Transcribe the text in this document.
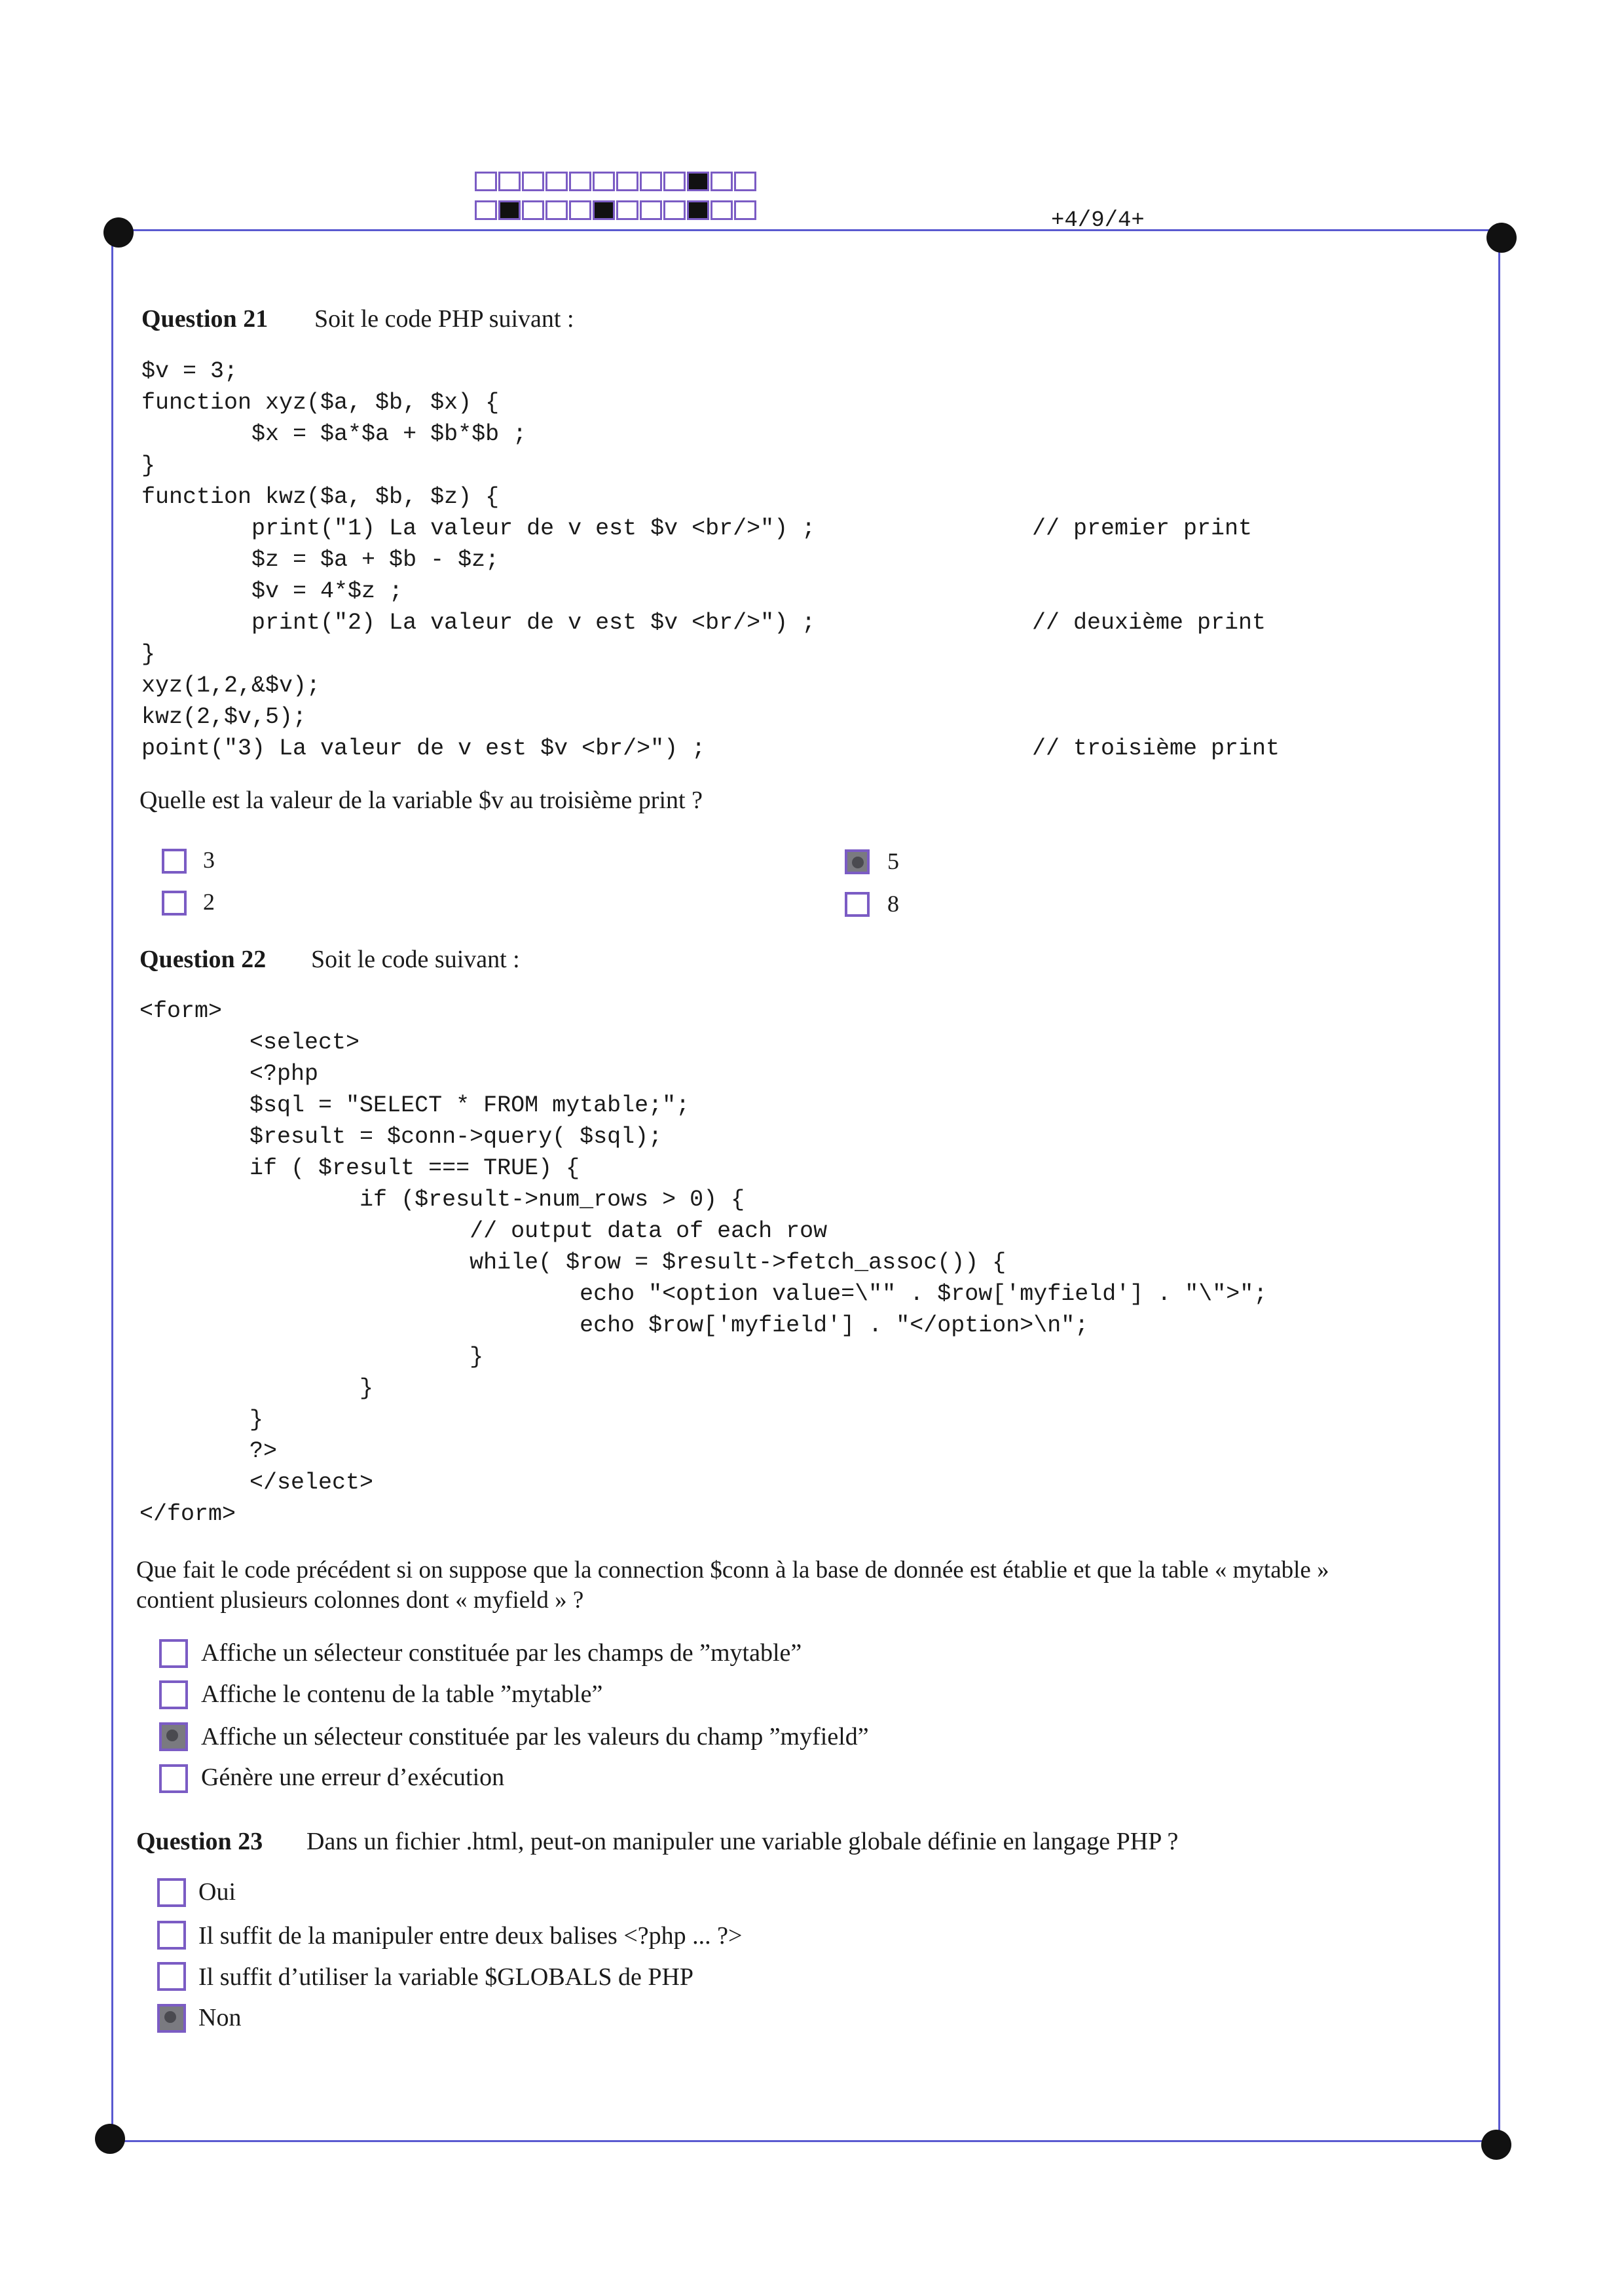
+4/9/4+
Question 21 Soit le code PHP suivant :
$v = 3;
function xyz($a, $b, $x) {
$x = $a*$a + $b*$b ;
}
function kwz($a, $b, $z) {
print("1) La valeur de v est $v <br/>") ;	// premier print
$z = $a + $b - $z;
$v = 4*$z ;
print("2) La valeur de v est $v <br/>") ;	// deuxième print
}
xyz(1,2,&$v);
kwz(2,$v,5);
point("3) La valeur de v est $v <br/>") ;	// troisième print
Quelle est la valeur de la variable $v au troisième print ?
3
2
5
8
Question 22 Soit le code suivant :
<form>
<select>
<?php
$sql = "SELECT * FROM mytable;";
$result = $conn->query( $sql);
if ( $result === TRUE) {
if ($result->num_rows > 0) {
// output data of each row
while( $row = $result->fetch_assoc()) {
echo "<option value=\"" . $row['myfield'] . "\">";
echo $row['myfield'] . "</option>\n";
}
}
}
?>
</select>
</form>
Que fait le code précédent si on suppose que la connection $conn à la base de donnée est établie et que la table « mytable »
contient plusieurs colonnes dont « myfield » ?
Affiche un sélecteur constituée par les champs de ”mytable”
Affiche le contenu de la table ”mytable”
Affiche un sélecteur constituée par les valeurs du champ ”myfield”
Génère une erreur d’exécution
Question 23 Dans un fichier .html, peut-on manipuler une variable globale définie en langage PHP ?
Oui
Il suffit de la manipuler entre deux balises <?php ... ?>
Il suffit d’utiliser la variable $GLOBALS de PHP
Non
